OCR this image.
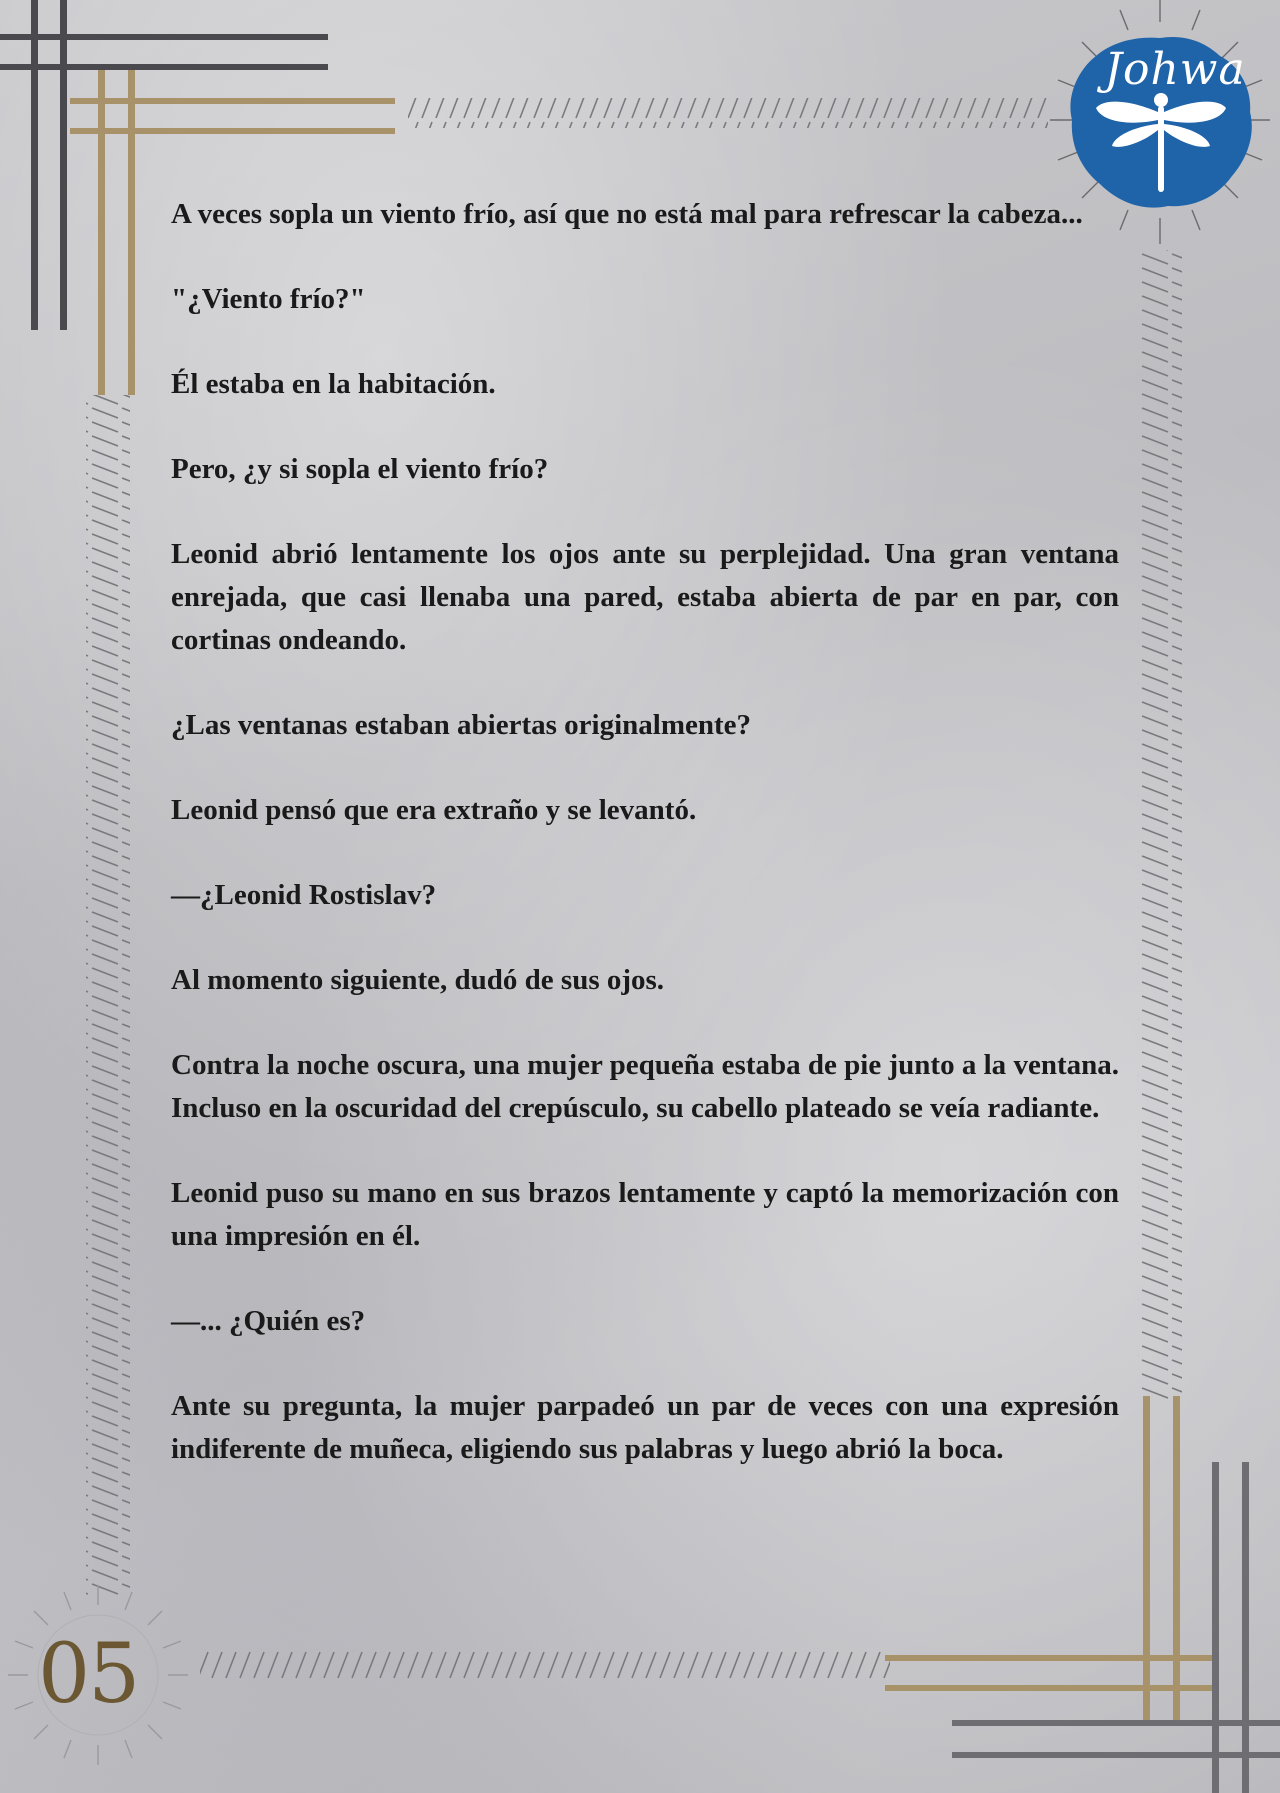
Johwa

A veces sopla un viento frío, así que no está mal para refrescar la cabeza...

"¿Viento frío?"

Él estaba en la habitación.

Pero, ¿y si sopla el viento frío?

Leonid abrió lentamente los ojos ante su perplejidad. Una gran ventana enrejada, que casi llenaba una pared, estaba abierta de par en par, con cortinas ondeando.

¿Las ventanas estaban abiertas originalmente?

Leonid pensó que era extraño y se levantó.

—¿Leonid Rostislav?

Al momento siguiente, dudó de sus ojos.

Contra la noche oscura, una mujer pequeña estaba de pie junto a la ventana. Incluso en la oscuridad del crepúsculo, su cabello plateado se veía radiante.

Leonid puso su mano en sus brazos lentamente y captó la memorización con una impresión en él.

—... ¿Quién es?

Ante su pregunta, la mujer parpadeó un par de veces con una expresión indiferente de muñeca, eligiendo sus palabras y luego abrió la boca.

05
